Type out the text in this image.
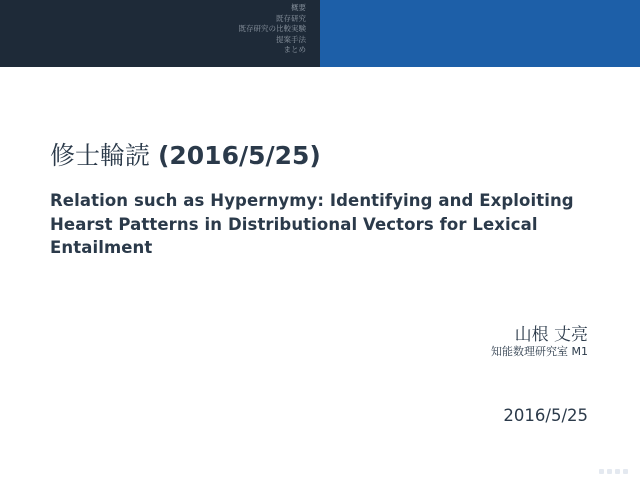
概要
既存研究
既存研究の比較実験
提案手法
まとめ
修士輪読 (2016/5/25)
Relation such as Hypernymy: Identifying and Exploiting Hearst Patterns in Distributional Vectors for Lexical Entailment
山根 丈亮
知能数理研究室 M1
2016/5/25
